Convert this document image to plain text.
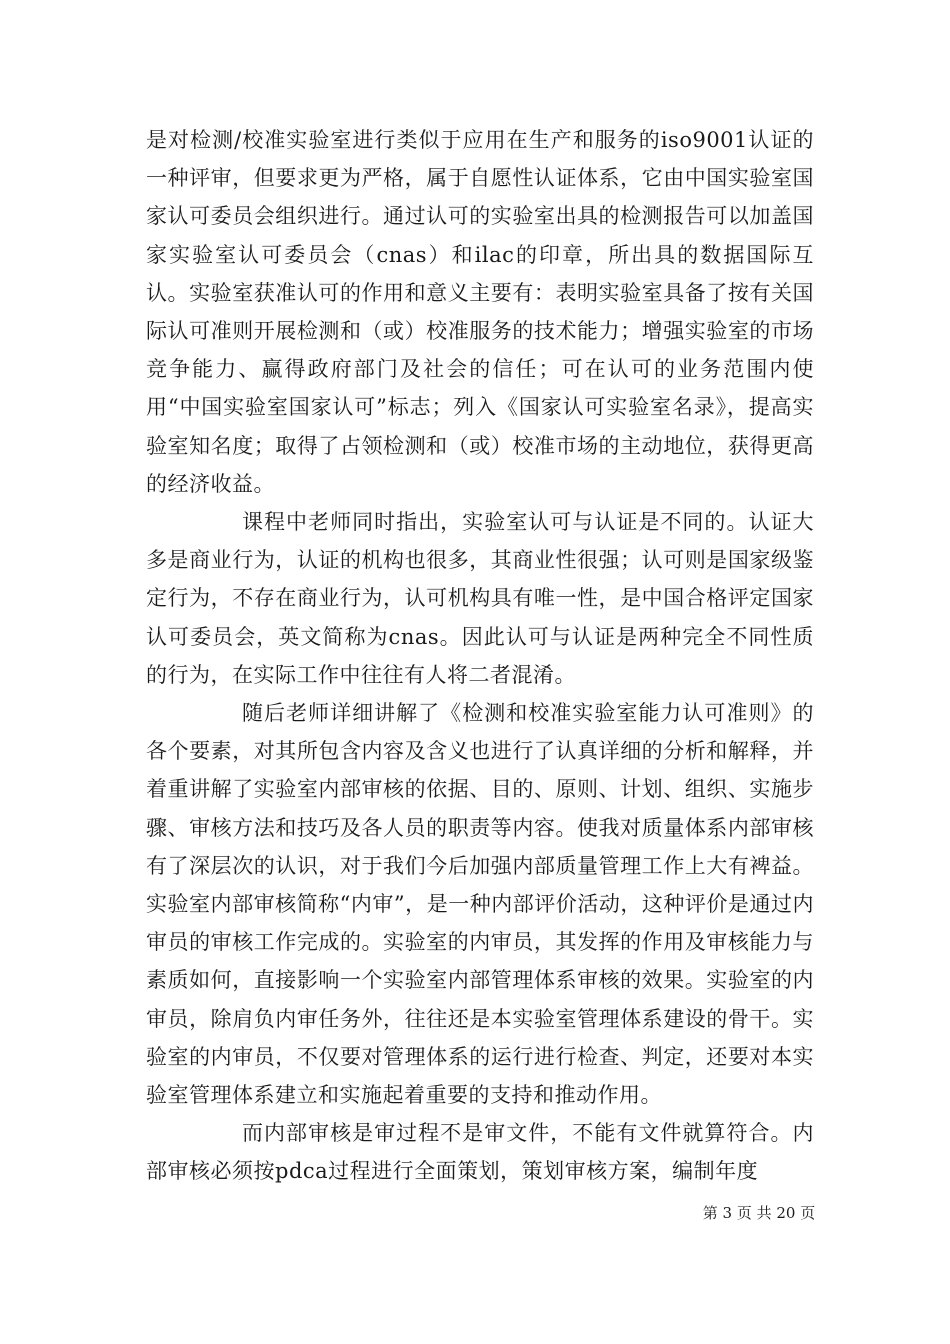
是对检测/校准实验室进行类似于应用在生产和服务的iso9001认证的一种评审，但要求更为严格，属于自愿性认证体系，它由中国实验室国家认可委员会组织进行。通过认可的实验室出具的检测报告可以加盖国家实验室认可委员会（cnas）和ilac的印章，所出具的数据国际互认。实验室获准认可的作用和意义主要有：表明实验室具备了按有关国际认可准则开展检测和（或）校准服务的技术能力；增强实验室的市场竞争能力、赢得政府部门及社会的信任；可在认可的业务范围内使用“中国实验室国家认可”标志；列入《国家认可实验室名录》，提高实验室知名度；取得了占领检测和（或）校准市场的主动地位，获得更高的经济收益。

课程中老师同时指出，实验室认可与认证是不同的。认证大多是商业行为，认证的机构也很多，其商业性很强；认可则是国家级鉴定行为，不存在商业行为，认可机构具有唯一性，是中国合格评定国家认可委员会，英文简称为cnas。因此认可与认证是两种完全不同性质的行为，在实际工作中往往有人将二者混淆。

随后老师详细讲解了《检测和校准实验室能力认可准则》的各个要素，对其所包含内容及含义也进行了认真详细的分析和解释，并着重讲解了实验室内部审核的依据、目的、原则、计划、组织、实施步骤、审核方法和技巧及各人员的职责等内容。使我对质量体系内部审核有了深层次的认识，对于我们今后加强内部质量管理工作上大有裨益。实验室内部审核简称“内审”，是一种内部评价活动，这种评价是通过内审员的审核工作完成的。实验室的内审员，其发挥的作用及审核能力与素质如何，直接影响一个实验室内部管理体系审核的效果。实验室的内审员，除肩负内审任务外，往往还是本实验室管理体系建设的骨干。实验室的内审员，不仅要对管理体系的运行进行检查、判定，还要对本实验室管理体系建立和实施起着重要的支持和推动作用。

而内部审核是审过程不是审文件，不能有文件就算符合。内部审核必须按pdca过程进行全面策划，策划审核方案，编制年度

第 3 页 共 20 页
